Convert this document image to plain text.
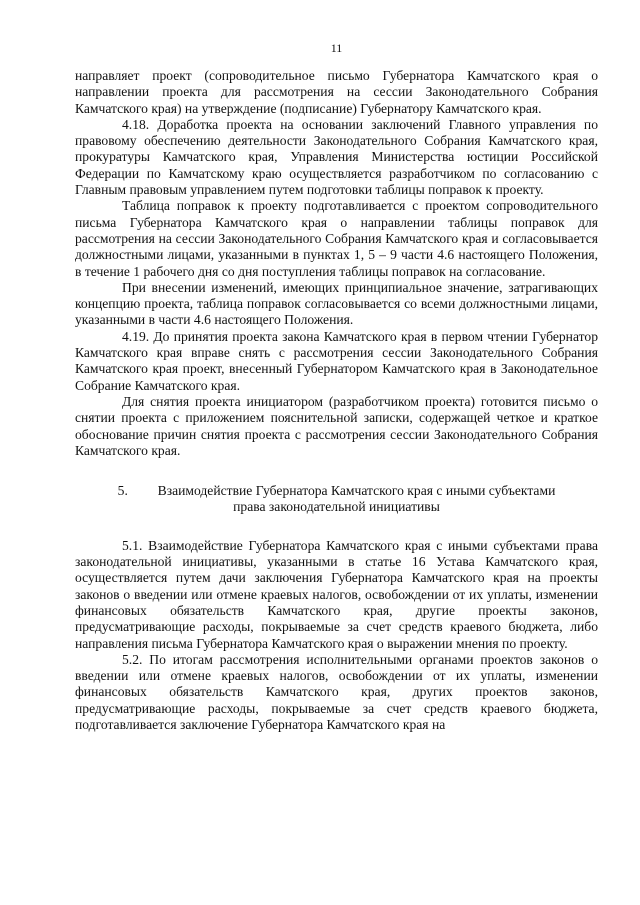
11

направляет проект (сопроводительное письмо Губернатора Камчатского края о направлении проекта для рассмотрения на сессии Законодательного Собрания Камчатского края) на утверждение (подписание) Губернатору Камчатского края.

4.18. Доработка проекта на основании заключений Главного управления по правовому обеспечению деятельности Законодательного Собрания Камчатского края, прокуратуры Камчатского края, Управления Министерства юстиции Российской Федерации по Камчатскому краю осуществляется разработчиком по согласованию с Главным правовым управлением путем подготовки таблицы поправок к проекту.

Таблица поправок к проекту подготавливается с проектом сопроводительного письма Губернатора Камчатского края о направлении таблицы поправок для рассмотрения на сессии Законодательного Собрания Камчатского края и согласовывается должностными лицами, указанными в пунктах 1, 5 – 9 части 4.6 настоящего Положения, в течение 1 рабочего дня со дня поступления таблицы поправок на согласование.

При внесении изменений, имеющих принципиальное значение, затрагивающих концепцию проекта, таблица поправок согласовывается со всеми должностными лицами, указанными в части 4.6 настоящего Положения.

4.19. До принятия проекта закона Камчатского края в первом чтении Губернатор Камчатского края вправе снять с рассмотрения сессии Законодательного Собрания Камчатского края проект, внесенный Губернатором Камчатского края в Законодательное Собрание Камчатского края.

Для снятия проекта инициатором (разработчиком проекта) готовится письмо о снятии проекта с приложением пояснительной записки, содержащей четкое и краткое обоснование причин снятия проекта с рассмотрения сессии Законодательного Собрания Камчатского края.

5. Взаимодействие Губернатора Камчатского края с иными субъектами
права законодательной инициативы

5.1. Взаимодействие Губернатора Камчатского края с иными субъектами права законодательной инициативы, указанными в статье 16 Устава Камчатского края, осуществляется путем дачи заключения Губернатора Камчатского края на проекты законов о введении или отмене краевых налогов, освобождении от их уплаты, изменении финансовых обязательств Камчатского края, другие проекты законов, предусматривающие расходы, покрываемые за счет средств краевого бюджета, либо направления письма Губернатора Камчатского края о выражении мнения по проекту.

5.2. По итогам рассмотрения исполнительными органами проектов законов о введении или отмене краевых налогов, освобождении от их уплаты, изменении финансовых обязательств Камчатского края, других проектов законов, предусматривающие расходы, покрываемые за счет средств краевого бюджета, подготавливается заключение Губернатора Камчатского края на
